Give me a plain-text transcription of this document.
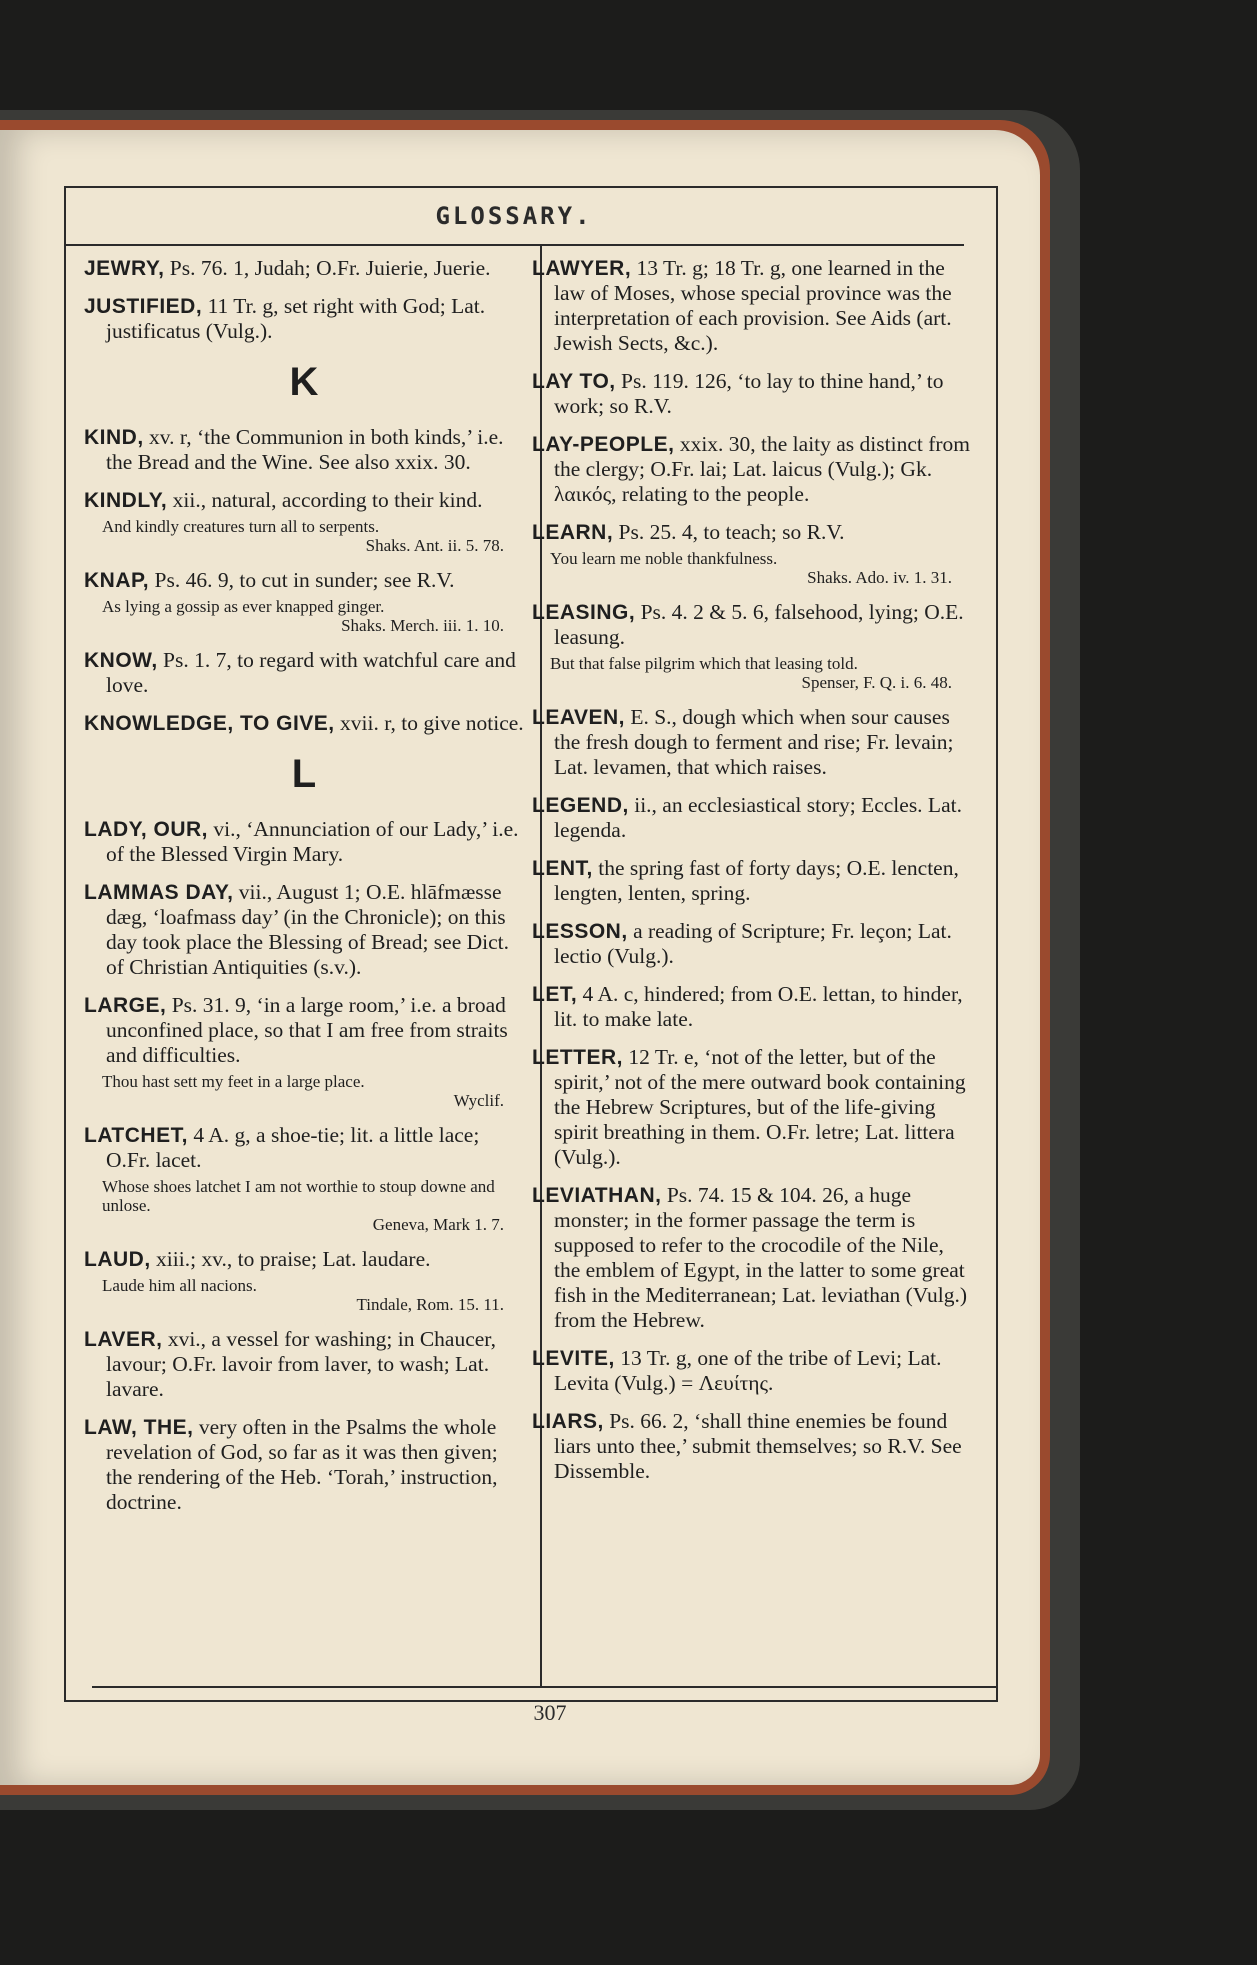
GLOSSARY.
JEWRY, Ps. 76. 1, Judah; O.Fr. Juierie, Juerie.
JUSTIFIED, 11 Tr. g, set right with God; Lat. justificatus (Vulg.).
K
KIND, xv. r, ‘the Communion in both kinds,’ i.e. the Bread and the Wine. See also xxix. 30.
KINDLY, xii., natural, according to their kind.
And kindly creatures turn all to serpents.
Shaks. Ant. ii. 5. 78.
KNAP, Ps. 46. 9, to cut in sunder; see R.V.
As lying a gossip as ever knapped ginger.
Shaks. Merch. iii. 1. 10.
KNOW, Ps. 1. 7, to regard with watchful care and love.
KNOWLEDGE, TO GIVE, xvii. r, to give notice.
L
LADY, OUR, vi., ‘Annunciation of our Lady,’ i.e. of the Blessed Virgin Mary.
LAMMAS DAY, vii., August 1; O.E. hlāfmæsse dæg, ‘loafmass day’ (in the Chronicle); on this day took place the Blessing of Bread; see Dict. of Christian Antiquities (s.v.).
LARGE, Ps. 31. 9, ‘in a large room,’ i.e. a broad unconfined place, so that I am free from straits and difficulties.
Thou hast sett my feet in a large place.
Wyclif.
LATCHET, 4 A. g, a shoe-tie; lit. a little lace; O.Fr. lacet.
Whose shoes latchet I am not worthie to stoup downe and unlose.
Geneva, Mark 1. 7.
LAUD, xiii.; xv., to praise; Lat. laudare.
Laude him all nacions.
Tindale, Rom. 15. 11.
LAVER, xvi., a vessel for washing; in Chaucer, lavour; O.Fr. lavoir from laver, to wash; Lat. lavare.
LAW, THE, very often in the Psalms the whole revelation of God, so far as it was then given; the rendering of the Heb. ‘Torah,’ instruction, doctrine.
LAWYER, 13 Tr. g; 18 Tr. g, one learned in the law of Moses, whose special province was the interpretation of each provision. See Aids (art. Jewish Sects, &c.).
LAY TO, Ps. 119. 126, ‘to lay to thine hand,’ to work; so R.V.
LAY-PEOPLE, xxix. 30, the laity as distinct from the clergy; O.Fr. lai; Lat. laicus (Vulg.); Gk. λαικός, relating to the people.
LEARN, Ps. 25. 4, to teach; so R.V.
You learn me noble thankfulness.
Shaks. Ado. iv. 1. 31.
LEASING, Ps. 4. 2 & 5. 6, falsehood, lying; O.E. leasung.
But that false pilgrim which that leasing told.
Spenser, F. Q. i. 6. 48.
LEAVEN, E. S., dough which when sour causes the fresh dough to ferment and rise; Fr. levain; Lat. levamen, that which raises.
LEGEND, ii., an ecclesiastical story; Eccles. Lat. legenda.
LENT, the spring fast of forty days; O.E. lencten, lengten, lenten, spring.
LESSON, a reading of Scripture; Fr. leçon; Lat. lectio (Vulg.).
LET, 4 A. c, hindered; from O.E. lettan, to hinder, lit. to make late.
LETTER, 12 Tr. e, ‘not of the letter, but of the spirit,’ not of the mere outward book containing the Hebrew Scriptures, but of the life-giving spirit breathing in them. O.Fr. letre; Lat. littera (Vulg.).
LEVIATHAN, Ps. 74. 15 & 104. 26, a huge monster; in the former passage the term is supposed to refer to the crocodile of the Nile, the emblem of Egypt, in the latter to some great fish in the Mediterranean; Lat. leviathan (Vulg.) from the Hebrew.
LEVITE, 13 Tr. g, one of the tribe of Levi; Lat. Levita (Vulg.) = Λευίτης.
LIARS, Ps. 66. 2, ‘shall thine enemies be found liars unto thee,’ submit themselves; so R.V. See Dissemble.
307
